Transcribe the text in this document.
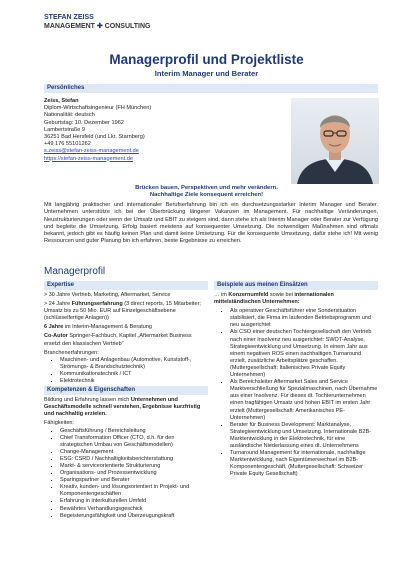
STEFAN ZEISS
MANAGEMENT ✚ CONSULTING
Managerprofil und Projektliste
Interim Manager und Berater
Persönliches
Zeiss, Stefan
Diplom-Wirtschaftsingenieur (FH München)
Nationalität: deutsch
Geburtstag: 10. Dezember 1962
Lambertstraße 9
36251 Bad Hersfeld (und Lkr. Starnberg)
+49 176 55101262
s.zeiss@stefan-zeiss-management.de
https://stefan-zeiss-management.de
Brücken bauen, Perspektiven und mehr verändern.
Nachhaltige Ziele konsequent erreichen!
Mit langjährig praktischer und internationaler Berufserfahrung bin ich ein durchsetzungsstarker Interim Manager und Berater. Unternehmen unterstütze ich bei der Überbrückung längerer Vakanzen im Management. Für nachhaltige Veränderungen, Neustrukturierungen oder wenn der Umsatz und EBIT zu steigern sind, dann stehe ich als Interim Manager oder Berater zur Verfügung und begleite die Umsetzung. Erfolg basiert meistens auf konsequenter Umsetzung. Die notwendigen Maßnahmen sind oftmals bekannt, jedoch gibt es häufig keinen Plan und damit keine Umsetzung. Für die konsequente Umsetzung, dafür stehe ich! Mit wenig Ressourcen und guter Planung bin ich erfahren, beste Ergebnisse zu erreichen.
Managerprofil
Expertise

> 30 Jahre Vertrieb, Marketing, Aftermarket, Service

> 24 Jahre Führungserfahrung (3 direct reports, 15 Mitarbeiter; Umsatz bis zu 50 Mio. EUR auf Einzelgeschäftsebene (schlüsselfertige Anlagen))

6 Jahre im Interim-Management & Beratung

Co-Autor Springer-Fachbuch, Kapitel „Aftermarket Business ersetzt den klassischen Vertrieb"

Branchenerfahrungen:
▪ Maschinen- und Anlagenbau (Automotive, Kunststoff-, Strömungs- & Brandschutztechnik)
▪ Kommunikationstechnik / ICT
▪ Elektrotechnik
Kompetenzen & Eigenschaften

Bildung und Erfahrung lassen mich Unternehmen und Geschäftsmodelle schnell verstehen, Ergebnisse kurzfristig und nachhaltig erzielen.

Fähigkeiten:
▪ Geschäftsführung / Bereichsleitung
▪ Chief Transformation Officer (CTO, d.h. für den strategischen Umbau von Geschäftsmodellen)
▪ Change-Management
▪ ESG: CSRD / Nachhaltigkeitsberichterstattung
▪ Markt- & serviceorientierte Strukturierung
▪ Organisations- und Prozessentwicklung
▪ Sparingspartner und Berater
▪ Kreativ, kunden- und lösungsorientiert in Projekt- und Komponentengeschäften
▪ Erfahrung in interkulturellen Umfeld
▪ Bewährtes Verhandlungsgeschick
▪ Begeisterungsfähigkeit und Überzeugungskraft
Beispiele aus meinen Einsätzen

… im Konzernumfeld sowie bei internationalen mittelständischen Unternehmen:

▪ Als operativer Geschäftsführer eine Sondersituation stabilisiert, die Firma im laufenden Betriebsprogramm und neu ausgerichtet
▪ Als CSO einer deutschen Tochtergesellschaft den Vertrieb nach einer Insolvenz neu ausgerichtet: SWOT-Analyse, Strategieentwicklung und Umsetzung. In einem Jahr aus einem negativen ROS einen nachhaltigen Turnaround erzielt, zusätzliche Arbeitsplätze geschaffen. (Muttergesellschaft: Italienisches Private Equity Unternehmen)
▪ Als Bereichsleiter Aftermarket Sales and Service Marktverschließung für Spezialmaschinen, nach Übernahme aus einer Insolvenz. Für dieses dt. Tochterunternehmen einen tragfähigen Umsatz und hohen EBIT im ersten Jahr erzielt (Muttergesellschaft: Amerikanisches PE-Unternehmen)
▪ Berater für Business Development: Marktanalyse, Strategieentwicklung und Umsetzung. Internationale B2B-Marktentwicklung in der Elektrotechnik, für eine ausländische Niederlassung eines dt. Unternehmens
▪ Turnaround Management für internationale, nachhaltige Marktentwicklung, nach Eigentümerwechsel im B2B-Komponentengeschäft, (Muttergesellschaft: Schweizer Private Equity Gesellschaft)
